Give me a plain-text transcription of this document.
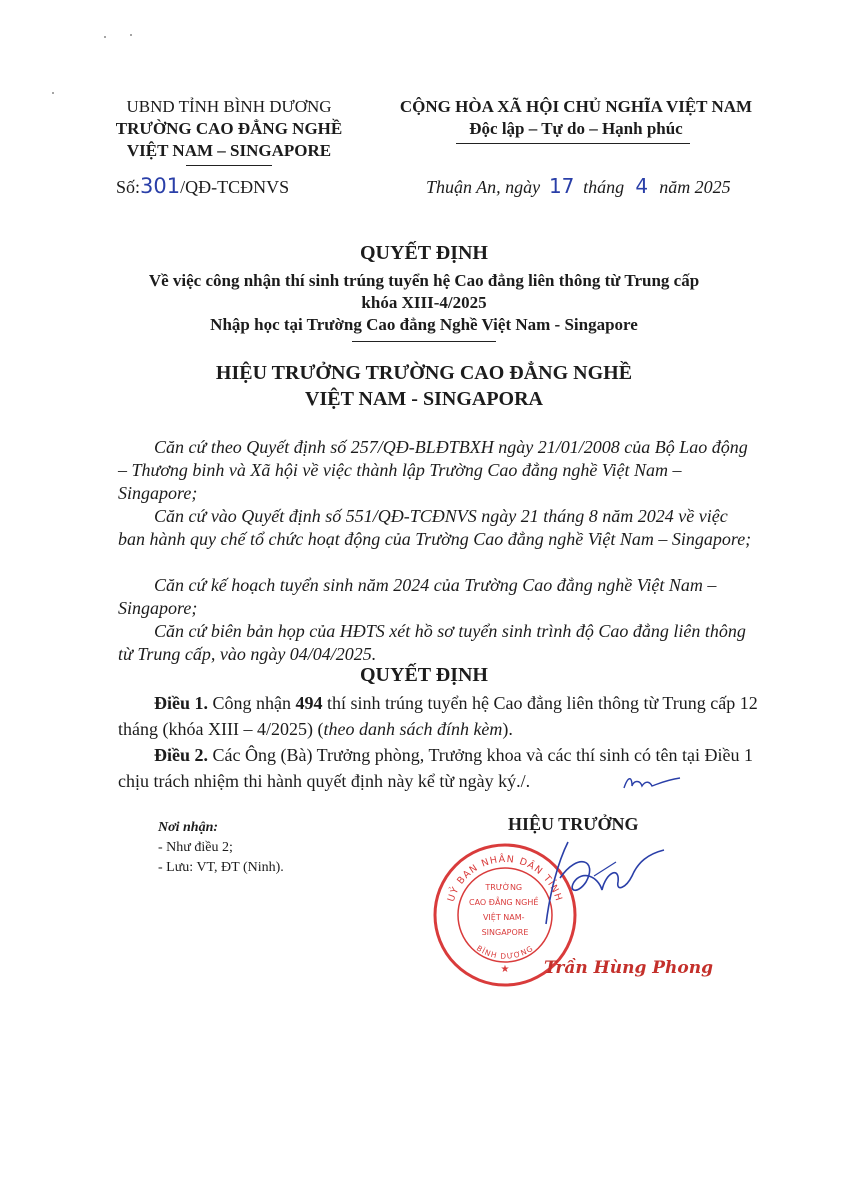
UBND TỈNH BÌNH DƯƠNG
TRƯỜNG CAO ĐẲNG NGHỀ
VIỆT NAM – SINGAPORE
Số:301/QĐ-TCĐNVS
CỘNG HÒA XÃ HỘI CHỦ NGHĨA VIỆT NAM
Độc lập – Tự do – Hạnh phúc
Thuận An, ngày 17 tháng 4 năm 2025
QUYẾT ĐỊNH
Về việc công nhận thí sinh trúng tuyển hệ Cao đẳng liên thông từ Trung cấp
khóa XIII-4/2025
Nhập học tại Trường Cao đẳng Nghề Việt Nam - Singapore
HIỆU TRƯỞNG TRƯỜNG CAO ĐẲNG NGHỀ
VIỆT NAM - SINGAPORA
Căn cứ theo Quyết định số 257/QĐ-BLĐTBXH ngày 21/01/2008 của Bộ Lao động – Thương binh và Xã hội về việc thành lập Trường Cao đẳng nghề Việt Nam – Singapore;
Căn cứ vào Quyết định số 551/QĐ-TCĐNVS ngày 21 tháng 8 năm 2024 về việc ban hành quy chế tổ chức hoạt động của Trường Cao đẳng nghề Việt Nam – Singapore;
Căn cứ kế hoạch tuyển sinh năm 2024 của Trường Cao đẳng nghề Việt Nam – Singapore;
Căn cứ biên bản họp của HĐTS xét hồ sơ tuyển sinh trình độ Cao đẳng liên thông từ Trung cấp, vào ngày 04/04/2025.
QUYẾT ĐỊNH
Điều 1. Công nhận 494 thí sinh trúng tuyển hệ Cao đẳng liên thông từ Trung cấp 12 tháng (khóa XIII – 4/2025) (theo danh sách đính kèm).
Điều 2. Các Ông (Bà) Trưởng phòng, Trưởng khoa và các thí sinh có tên tại Điều 1 chịu trách nhiệm thi hành quyết định này kể từ ngày ký./.
Nơi nhận:
- Như điều 2;
- Lưu: VT, ĐT (Ninh).
HIỆU TRƯỞNG
UỶ BAN NHÂN DÂN TỈNH
TRƯỜNG CAO ĐẲNG NGHỀ VIỆT NAM- SINGAPORE
BÌNH DƯƠNG
★ Trần Hùng Phong
